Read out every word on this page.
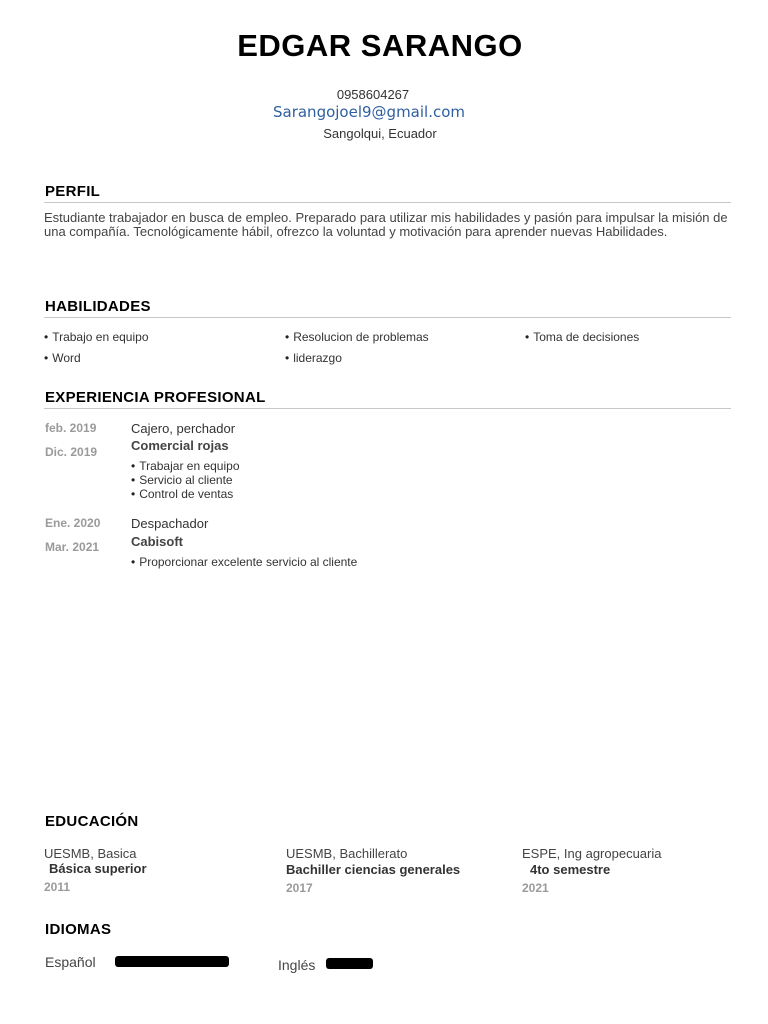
EDGAR SARANGO
0958604267
Sarangojoel9@gmail.com
Sangolqui, Ecuador
PERFIL
Estudiante trabajador en busca de empleo. Preparado para utilizar mis habilidades y pasión para impulsar la misión de
una compañía. Tecnológicamente hábil, ofrezco la voluntad y motivación para aprender nuevas Habilidades.
HABILIDADES
• Trabajo en equipo	• Resolucion de problemas	• Toma de decisiones
• Word	• liderazgo
EXPERIENCIA PROFESIONAL
feb. 2019
Dic. 2019
Cajero, perchador
Comercial rojas
• Trabajar en equipo
• Servicio al cliente
• Control de ventas
Ene. 2020
Mar. 2021
Despachador
Cabisoft
• Proporcionar excelente servicio al cliente
EDUCACIÓN
UESMB, Basica
Básica superior
2011
UESMB, Bachillerato
Bachiller ciencias generales
2017
ESPE, Ing agropecuaria
4to semestre
2021
IDIOMAS
Español	Inglés
